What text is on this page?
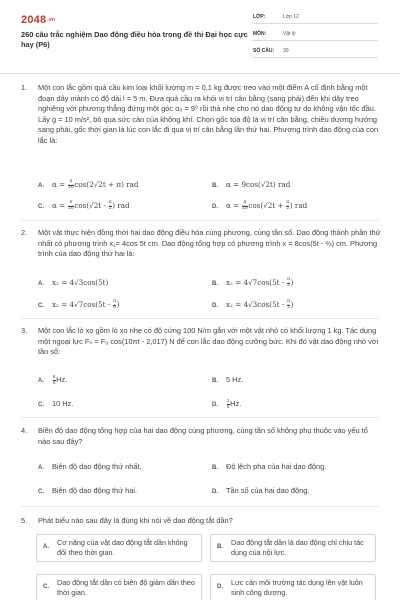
2048.vn
260 câu trắc nghiệm Dao động điều hòa trong đề thi Đại học cực hay (P6)
LỚP:	Lớp 12
MÔN:	Vật lý
SỐ CÂU: 30
1. Một con lắc gồm quả cầu kim loại khối lượng m = 0,1 kg được treo vào một điểm A cố định bằng một đoạn dây mảnh có độ dài l = 5 m. Đưa quả cầu ra khỏi vị trí cân bằng (sang phải) đến khi dây treo nghiêng với phương thẳng đứng một góc α₀ = 9⁰ rồi thả nhẹ cho nó dao động tự do không vận tốc đầu. Lấy g = 10 m/s², bỏ qua sức cản của không khí. Chọn gốc tọa độ là vị trí cân bằng, chiều dương hướng sang phải, gốc thời gian là lúc con lắc đi qua vị trí cân bằng lần thứ hai. Phương trình dao động của con lắc là:
A. $\alpha = \frac{\pi}{20} \cos(2√2t + \pi)$ rad	B. α = 9cos(√2t) rad
C. $\alpha = \frac{\pi}{20} \cos(√2t - \frac{\pi}{2}$ ) rad	D. $\alpha = \frac{\pi}{20} \cos(√2t + \frac{\pi}{2}$ ) rad
2. Một vật thực hiện đồng thời hai dao động điều hòa cùng phương, cùng tần số. Dao động thành phần thứ nhất có phương trình x₁= 4cos 5t cm. Dao động tổng hợp có phương trình x = 8cos(5t - ⅔) cm. Phương trình của dao động thứ hai là:
A. x₂ = 4√3cos(5t)	B. $x_2 = 4√7\cos(5t - \frac{\pi}{2}$ )
C. $x_2 = 4√7\cos(5t - \frac{\pi}{6}$ )	D. $x_2 = 4√3\cos(5t - \frac{\pi}{2}$ )
3. Một con lắc lò xo gồm lò xo nhẹ có độ cứng 100 N/m gắn với một vật nhỏ có khối lượng 1 kg. Tác dụng một ngoại lực Fₙ = F₀ cos(10πt - 2,017) N để con lắc dao động cưỡng bức. Khi đó vật dao động nhỏ với tần số:
A. $\frac{5}{\pi} Hz$.	B. 5 Hz.
C. 10 Hz.	D. $\frac{1}{\pi} Hz$.
4. Biên độ dao động tổng hợp của hai dao động cùng phương, cùng tần số không phụ thuộc vào yếu tố nào sau đây?
A. Biên độ dao động thứ nhất.	B. Độ lệch pha của hai dao động.
C. Biên độ dao động thứ hai.	D. Tần số của hai dao động.
5. Phát biểu nào sau đây là đúng khi nói về dao động tắt dần?
A. Cơ năng của vật dao động tắt dần không đổi theo thời gian.
B. Dao động tắt dần là dao động chỉ chịu tác dụng của nội lực.
C. Dao động tắt dần có biên độ giảm dần theo thời gian.
D. Lực cản môi trường tác dụng lên vật luôn sinh công dương.
